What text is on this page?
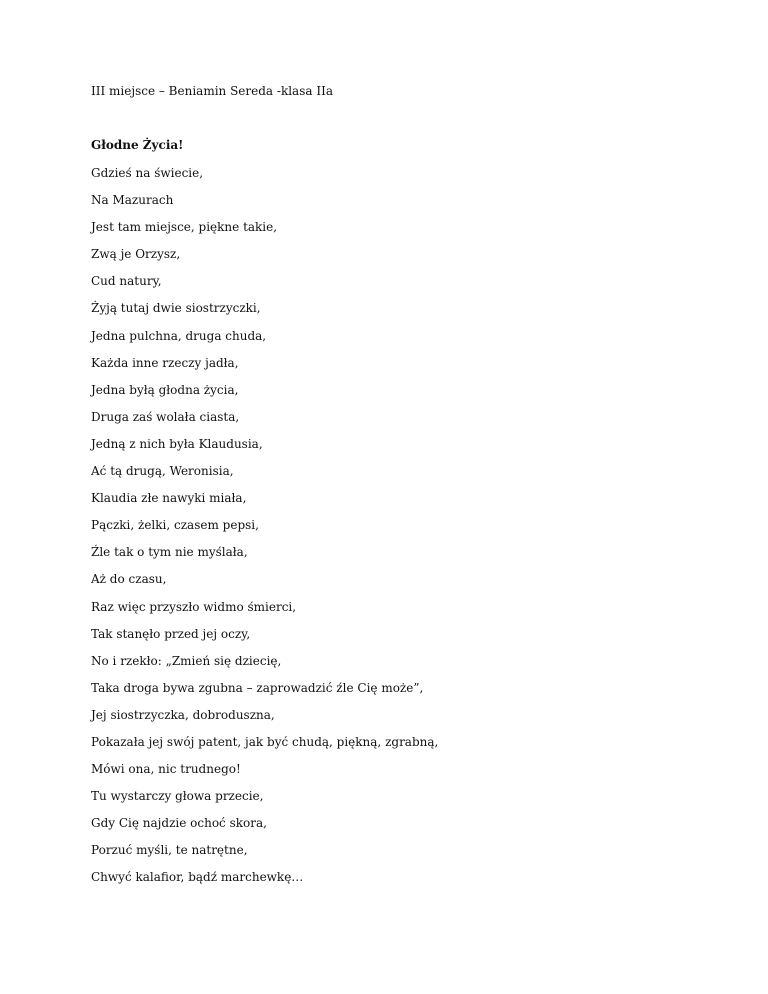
III miejsce – Beniamin Sereda -klasa IIa
Głodne Życia!
Gdzieś na świecie,
Na Mazurach
Jest tam miejsce, piękne takie,
Zwą je Orzysz,
Cud natury,
Żyją tutaj dwie siostrzyczki,
Jedna pulchna, druga chuda,
Każda inne rzeczy jadła,
Jedna byłą głodna życia,
Druga zaś wolała ciasta,
Jedną z nich była Klaudusia,
Ać tą drugą, Weronisia,
Klaudia złe nawyki miała,
Pączki, żelki, czasem pepsi,
Źle tak o tym nie myślała,
Aż do czasu,
Raz więc przyszło widmo śmierci,
Tak stanęło przed jej oczy,
No i rzekło: „Zmień się dziecię,
Taka droga bywa zgubna – zaprowadzić źle Cię może”,
Jej siostrzyczka, dobroduszna,
Pokazała jej swój patent, jak być chudą, piękną, zgrabną,
Mówi ona, nic trudnego!
Tu wystarczy głowa przecie,
Gdy Cię najdzie ochoć skora,
Porzuć myśli, te natrętne,
Chwyć kalafior, bądź marchewkę…
